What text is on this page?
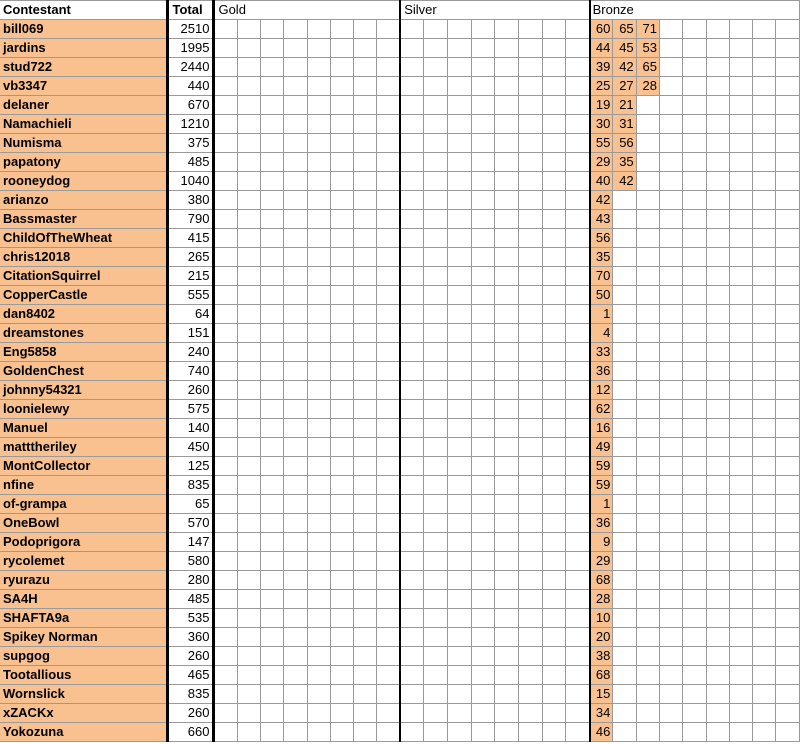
Contestant	Total	Gold								Silver								Bronze								
bill069	2510																	60	65	71						
jardins	1995																	44	45	53						
stud722	2440																	39	42	65						
vb3347	440																	25	27	28						
delaner	670																	19	21							
Namachieli	1210																	30	31							
Numisma	375																	55	56							
papatony	485																	29	35							
rooneydog	1040																	40	42							
arianzo	380																	42								
Bassmaster	790																	43								
ChildOfTheWheat	415																	56								
chris12018	265																	35								
CitationSquirrel	215																	70								
CopperCastle	555																	50								
dan8402	64																	1								
dreamstones	151																	4								
Eng5858	240																	33								
GoldenChest	740																	36								
johnny54321	260																	12								
loonielewy	575																	62								
Manuel	140																	16								
matttheriley	450																	49								
MontCollector	125																	59								
nfine	835																	59								
of-grampa	65																	1								
OneBowl	570																	36								
Podoprigora	147																	9								
rycolemet	580																	29								
ryurazu	280																	68								
SA4H	485																	28								
SHAFTA9a	535																	10								
Spikey Norman	360																	20								
supgog	260																	38								
Tootallious	465																	68								
Wornslick	835																	15								
xZACKx	260																	34								
Yokozuna	660																	46								
